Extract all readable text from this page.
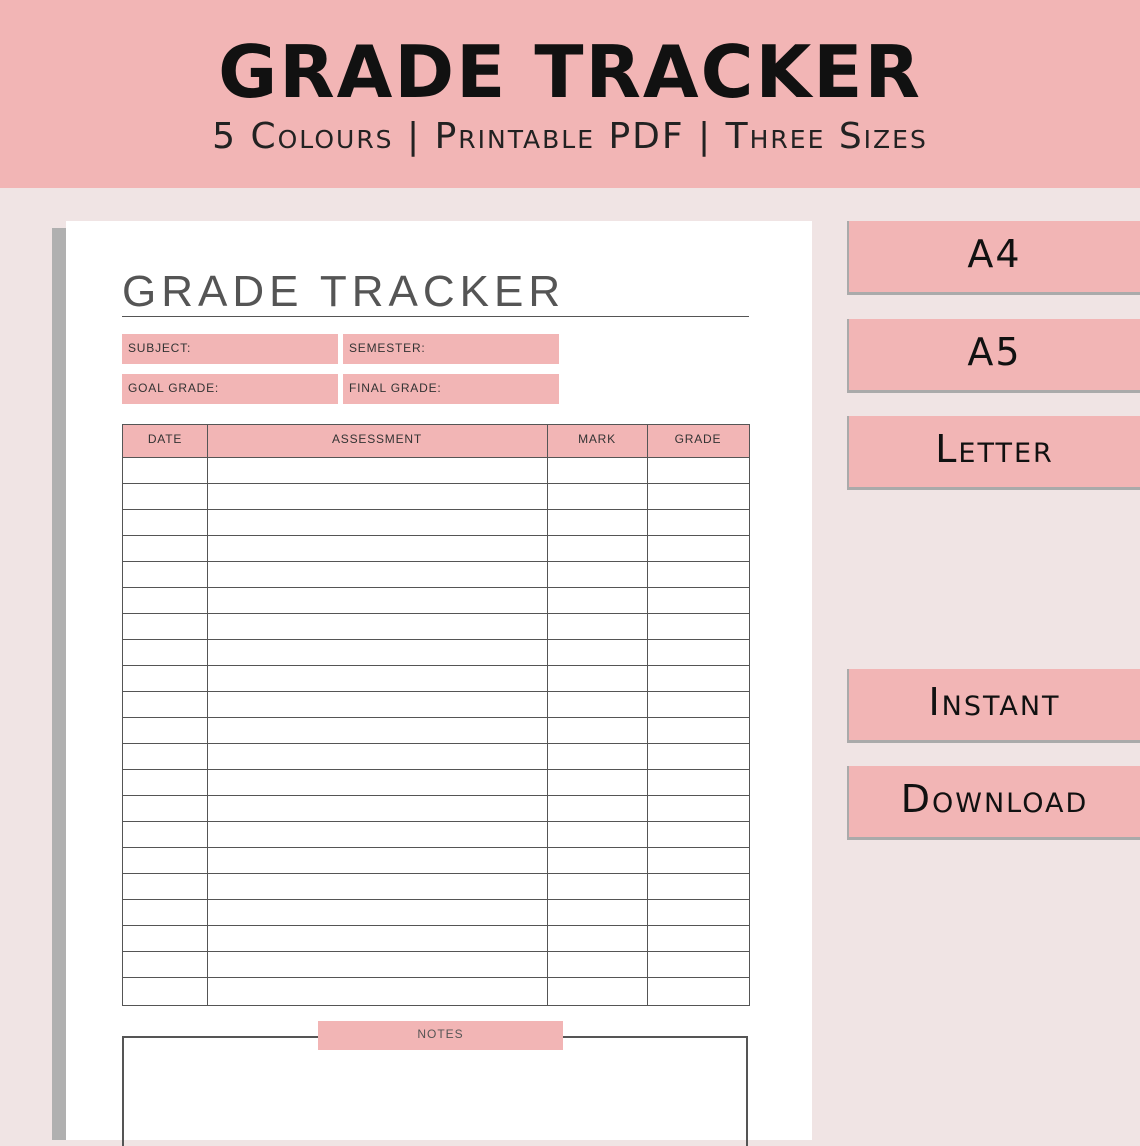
GRADE TRACKER
5 Colours | Printable PDF | Three Sizes
GRADE TRACKER
SUBJECT:	SEMESTER:
GOAL GRADE:	FINAL GRADE:
DATE	ASSESSMENT	MARK	GRADE
NOTES
A4
A5
Letter
Instant
Download
